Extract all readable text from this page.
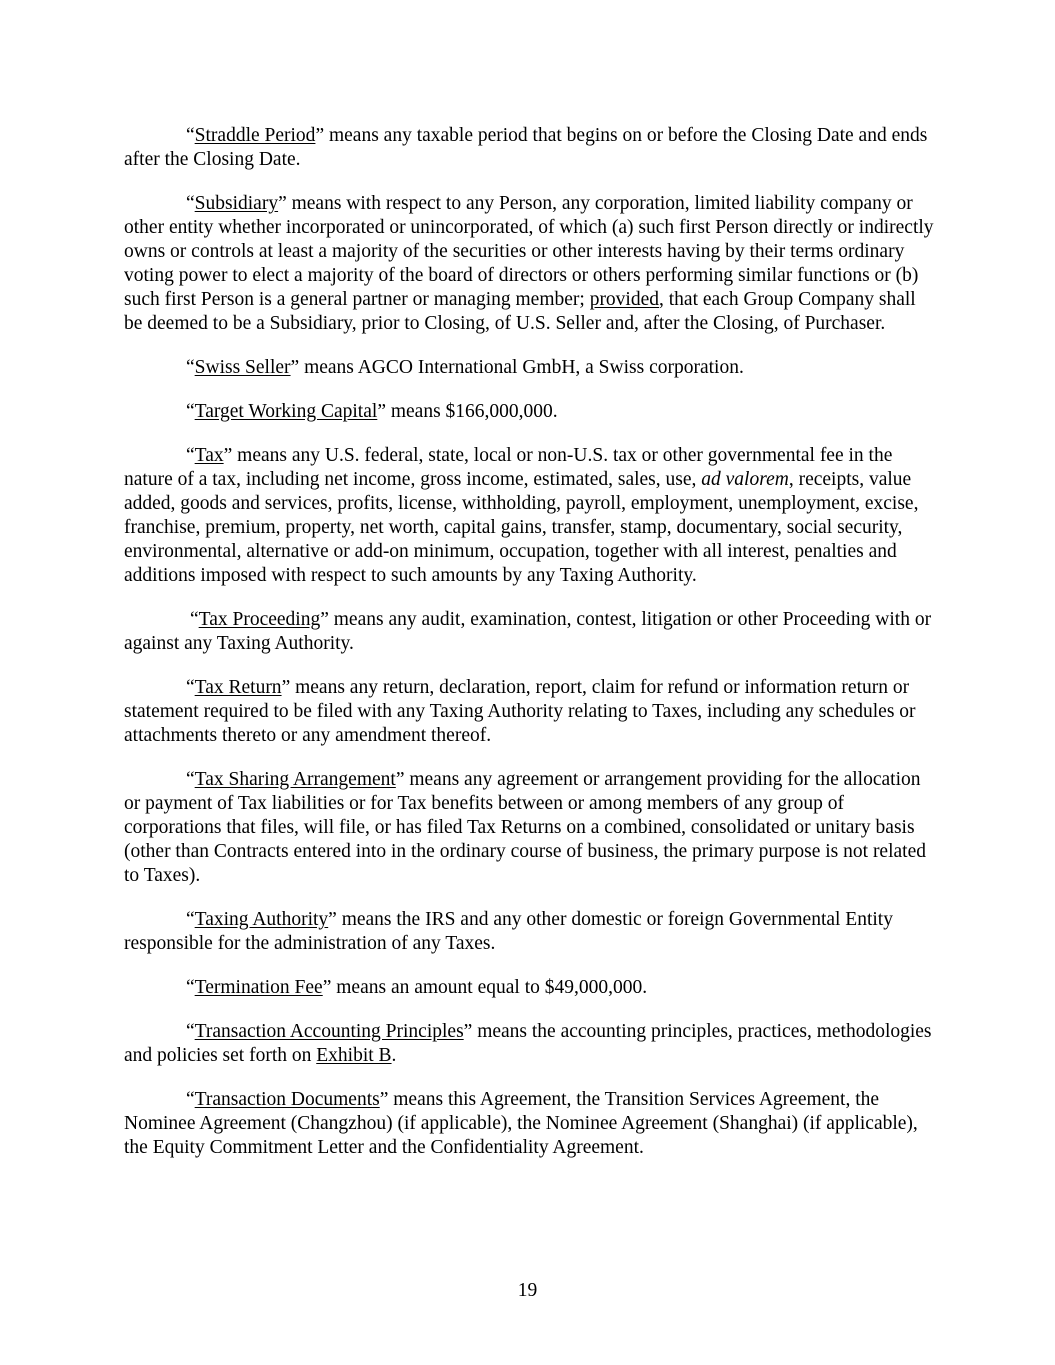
“Straddle Period” means any taxable period that begins on or before the Closing Date and ends after the Closing Date.

“Subsidiary” means with respect to any Person, any corporation, limited liability company or other entity whether incorporated or unincorporated, of which (a) such first Person directly or indirectly owns or controls at least a majority of the securities or other interests having by their terms ordinary voting power to elect a majority of the board of directors or others performing similar functions or (b) such first Person is a general partner or managing member; provided, that each Group Company shall be deemed to be a Subsidiary, prior to Closing, of U.S. Seller and, after the Closing, of Purchaser.

“Swiss Seller” means AGCO International GmbH, a Swiss corporation.

“Target Working Capital” means $166,000,000.

“Tax” means any U.S. federal, state, local or non-U.S. tax or other governmental fee in the nature of a tax, including net income, gross income, estimated, sales, use, ad valorem, receipts, value added, goods and services, profits, license, withholding, payroll, employment, unemployment, excise, franchise, premium, property, net worth, capital gains, transfer, stamp, documentary, social security, environmental, alternative or add-on minimum, occupation, together with all interest, penalties and additions imposed with respect to such amounts by any Taxing Authority.

“Tax Proceeding” means any audit, examination, contest, litigation or other Proceeding with or against any Taxing Authority.

“Tax Return” means any return, declaration, report, claim for refund or information return or statement required to be filed with any Taxing Authority relating to Taxes, including any schedules or attachments thereto or any amendment thereof.

“Tax Sharing Arrangement” means any agreement or arrangement providing for the allocation or payment of Tax liabilities or for Tax benefits between or among members of any group of corporations that files, will file, or has filed Tax Returns on a combined, consolidated or unitary basis (other than Contracts entered into in the ordinary course of business, the primary purpose is not related to Taxes).

“Taxing Authority” means the IRS and any other domestic or foreign Governmental Entity responsible for the administration of any Taxes.

“Termination Fee” means an amount equal to $49,000,000.

“Transaction Accounting Principles” means the accounting principles, practices, methodologies and policies set forth on Exhibit B.

“Transaction Documents” means this Agreement, the Transition Services Agreement, the Nominee Agreement (Changzhou) (if applicable), the Nominee Agreement (Shanghai) (if applicable), the Equity Commitment Letter and the Confidentiality Agreement.

19
